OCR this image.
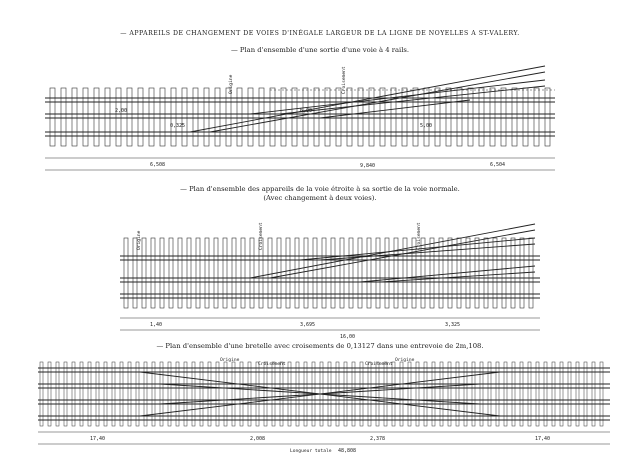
— APPAREILS DE CHANGEMENT DE VOIES D'INÉGALE LARGEUR DE LA LIGNE DE NOYELLES A ST-VALERY.
— Plan d'ensemble d'une sortie d'une voie à 4 rails.
— Plan d'ensemble des appareils de la voie étroite à sa sortie de la voie normale.
(Avec changement à deux voies).
— Plan d'ensemble d'une bretelle avec croisements de 0,13127 dans une entrevoie de 2m,108.
6,508	9,840	6,504
2,00
0,325
6,00
5,00
Origine	Croisement
1,40	3,695	3,325
16,00
Origine	Croisement	Croisement
Origine
Croisement	Croisement
Origine
17,40	2,008	2,378	17,40
Longueur totale 48,808
